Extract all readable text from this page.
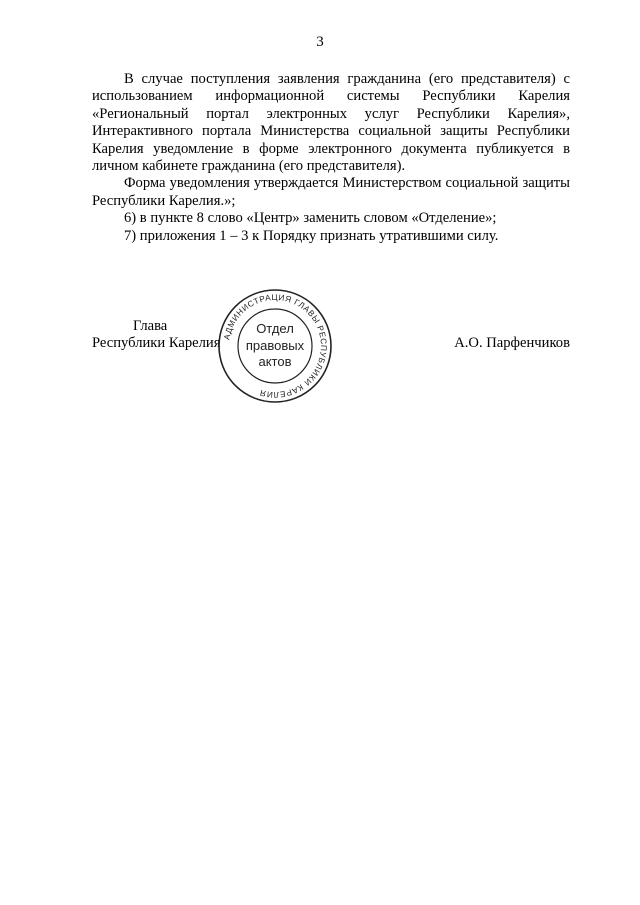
3

В случае поступления заявления гражданина (его представителя) с использованием информационной системы Республики Карелия «Региональный портал электронных услуг Республики Карелия», Интерактивного портала Министерства социальной защиты Республики Карелия уведомление в форме электронного документа публикуется в личном кабинете гражданина (его представителя).

Форма уведомления утверждается Министерством социальной защиты Республики Карелия.»;

6) в пункте 8 слово «Центр» заменить словом «Отделение»;

7) приложения 1 – 3 к Порядку признать утратившими силу.

Глава
Республики Карелия	А.О. Парфенчиков
АДМИНИСТРАЦИЯ ГЛАВЫ РЕСПУБЛИКИ КАРЕЛИЯ
Отдел
правовых
актов
